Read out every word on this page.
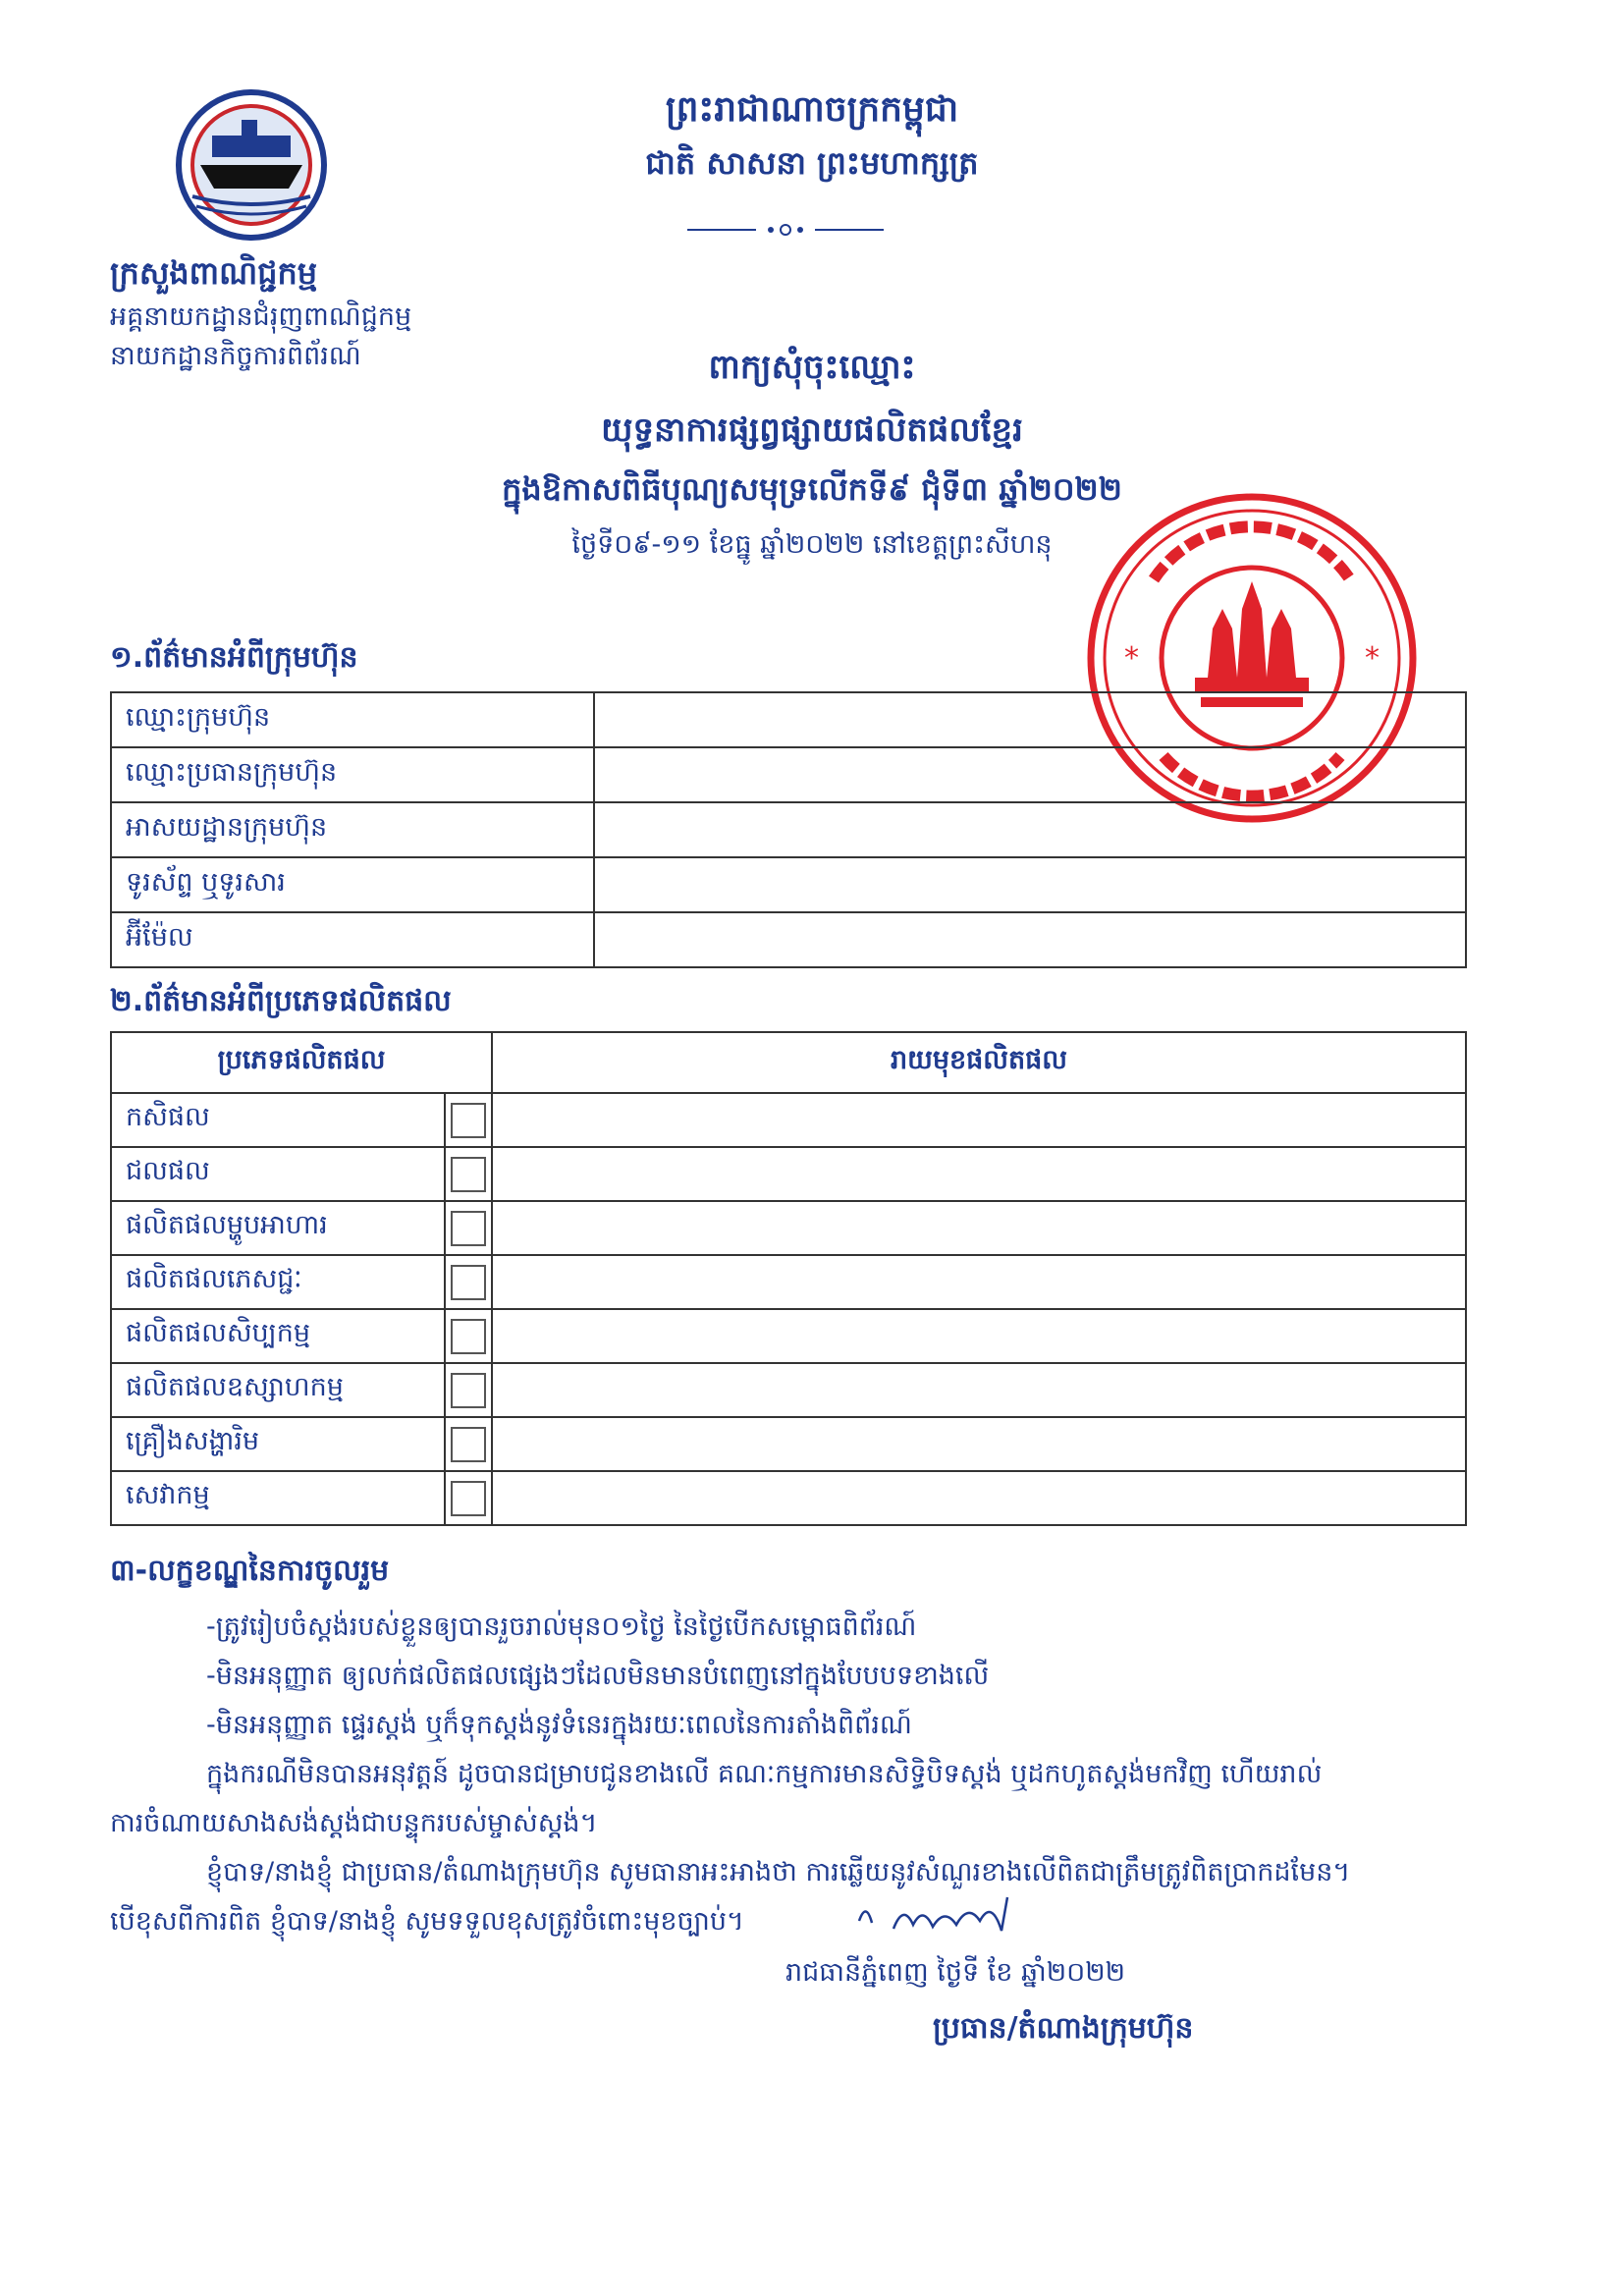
ព្រះរាជាណាចក្រកម្ពុជា
ជាតិ សាសនា ព្រះមហាក្សត្រ
ក្រសួងពាណិជ្ជកម្ម
អគ្គនាយកដ្ឋានជំរុញពាណិជ្ជកម្ម
នាយកដ្ឋានកិច្ចការពិព័រណ៍	ពាក្យសុំចុះឈ្មោះ
យុទ្ធនាការផ្សព្វផ្សាយផលិតផលខ្មែរ
ក្នុងឱកាសពិធីបុណ្យសមុទ្រលើកទី៩ ជុំទី៣ ឆ្នាំ២០២២
ថ្ងៃទី០៩-១១ ខែធ្នូ ឆ្នាំ២០២២ នៅខេត្តព្រះសីហនុ
*	*
១.ព័ត៌មានអំពីក្រុមហ៊ុន
ឈ្មោះក្រុមហ៊ុន	
ឈ្មោះប្រធានក្រុមហ៊ុន	
អាសយដ្ឋានក្រុមហ៊ុន	
ទូរស័ព្ទ ឬទូរសារ	
អ៊ីម៉ែល	
២.ព័ត៌មានអំពីប្រភេទផលិតផល
ប្រភេទផលិតផល		រាយមុខផលិតផល
កសិផល		
ជលផល		
ផលិតផលម្ហូបអាហារ		
ផលិតផលភេសជ្ជៈ		
ផលិតផលសិប្បកម្ម		
ផលិតផលឧស្សាហកម្ម		
គ្រឿងសង្ហារិម		
សេវាកម្ម		
៣-លក្ខខណ្ឌនៃការចូលរួម
-ត្រូវរៀបចំស្តង់របស់ខ្លួនឲ្យបានរួចរាល់មុន០១ថ្ងៃ នៃថ្ងៃបើកសម្ពោធពិព័រណ៍
-មិនអនុញ្ញាត ឲ្យលក់ផលិតផលផ្សេងៗដែលមិនមានបំពេញនៅក្នុងបែបបទខាងលើ
-មិនអនុញ្ញាត ផ្ទេរស្តង់ ឬក៏ទុកស្តង់នូវទំនេរក្នុងរយៈពេលនៃការតាំងពិព័រណ៍
ក្នុងករណីមិនបានអនុវត្តន៍ ដូចបានជម្រាបជូនខាងលើ គណៈកម្មការមានសិទ្ធិបិទស្តង់ ឬដកហូតស្តង់មកវិញ ហើយរាល់
ការចំណាយសាងសង់ស្តង់ជាបន្ទុករបស់ម្ចាស់ស្តង់។
ខ្ញុំបាទ/នាងខ្ញុំ ជាប្រធាន/តំណាងក្រុមហ៊ុន សូមធានាអះអាងថា ការឆ្លើយនូវសំណួរខាងលើពិតជាត្រឹមត្រូវពិតប្រាកដមែន។
បើខុសពីការពិត ខ្ញុំបាទ/នាងខ្ញុំ សូមទទួលខុសត្រូវចំពោះមុខច្បាប់។
រាជធានីភ្នំពេញ ថ្ងៃទី ខែ ឆ្នាំ២០២២
ប្រធាន/តំណាងក្រុមហ៊ុន
